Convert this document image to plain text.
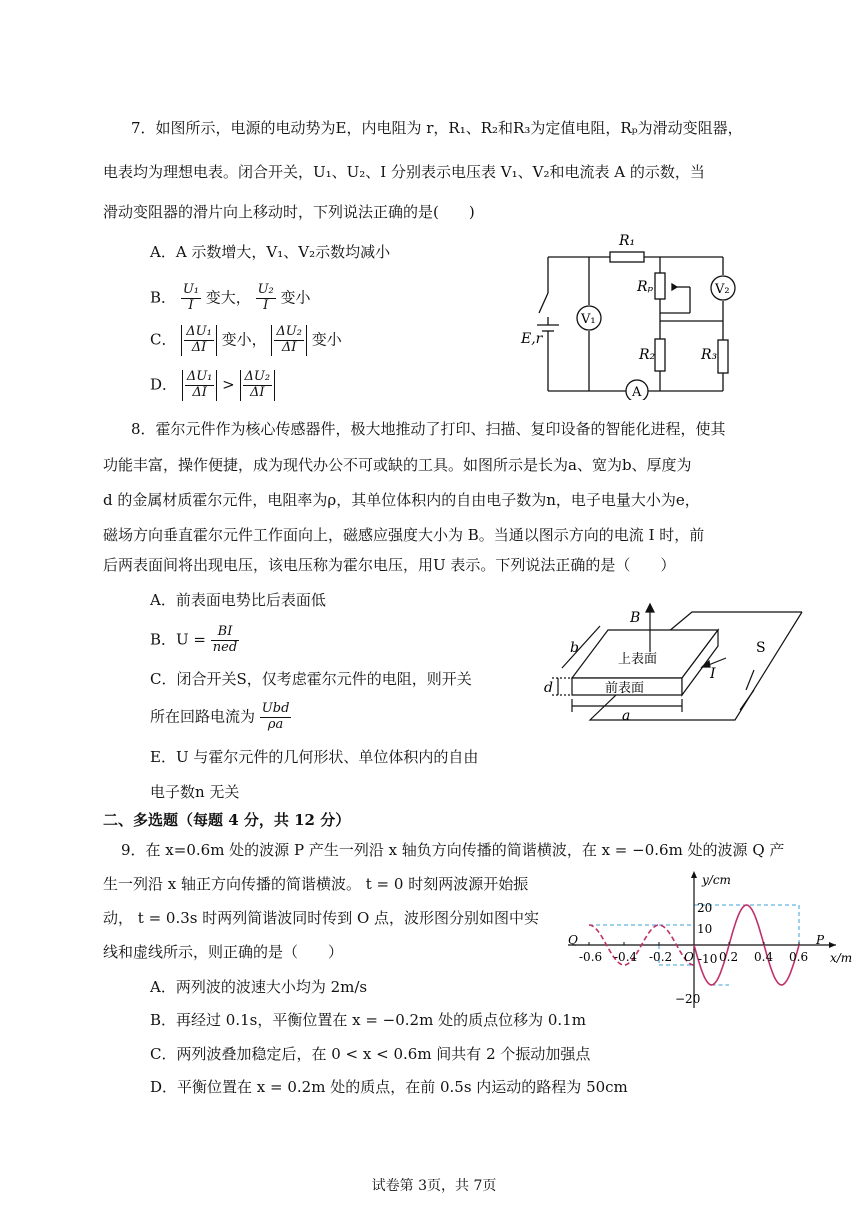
7．如图所示，电源的电动势为E，内电阻为 r，R₁、R₂和R₃为定值电阻，Rₚ为滑动变阻器，
电表均为理想电表。闭合开关，U₁、U₂、I 分别表示电压表 V₁、V₂和电流表 A 的示数，当
滑动变阻器的滑片向上移动时，下列说法正确的是(　　)
A．A 示数增大，V₁、V₂示数均减小
B． $\frac{\text{U₁}}{I}$ 变大， $\frac{\text{U₂}}{I}$ 变小
C． $\frac{\text{ΔU₁}}{\Delta I}$ 变小， $\frac{\text{ΔU₂}}{\Delta I}$ 变小
D． $\frac{\text{ΔU₁}}{\Delta I} > \frac{\text{ΔU₂}}{\Delta I}$
R₁
Rₚ
R₂	R₃
V₁
V₂
A
E,r
8．霍尔元件作为核心传感器件，极大地推动了打印、扫描、复印设备的智能化进程，使其
功能丰富，操作便捷，成为现代办公不可或缺的工具。如图所示是长为a、宽为b、厚度为
d 的金属材质霍尔元件，电阻率为ρ，其单位体积内的自由电子数为n，电子电量大小为e，
磁场方向垂直霍尔元件工作面向上，磁感应强度大小为 B。当通以图示方向的电流 I 时，前
后两表面间将出现电压，该电压称为霍尔电压，用U 表示。下列说法正确的是（　　）
A．前表面电势比后表面低
B．$U = \frac{BI}{\text{ned}}$
C．闭合开关S，仅考虑霍尔元件的电阻，则开关
所在回路电流为 $\frac{\text{Ubd}}{\rho a}$
E．U 与霍尔元件的几何形状、单位体积内的自由
电子数n 无关
B
S
I
b
d
a
上表面
前表面
二、多选题（每题 4 分，共 12 分）
9．在 x=0.6m 处的波源 P 产生一列沿 x 轴负方向传播的简谐横波，在 x = −0.6m 处的波源 Q 产
生一列沿 x 轴正方向传播的简谐横波。 t = 0 时刻两波源开始振
动， t = 0.3s 时两列简谐波同时传到 O 点，波形图分别如图中实
线和虚线所示，则正确的是（　　）
A．两列波的波速大小均为 2m/s
B．再经过 0.1s，平衡位置在 x = −0.2m 处的质点位移为 0.1m
C．两列波叠加稳定后，在 0 < x < 0.6m 间共有 2 个振动加强点
D．平衡位置在 x = 0.2m 处的质点，在前 0.5s 内运动的路程为 50cm
-0.6 -0.4 -0.2	0.2 0.4 0.6
y/cm
x/m
O
Q	P
20
10
-10
−20
试卷第 3页，共 7页
